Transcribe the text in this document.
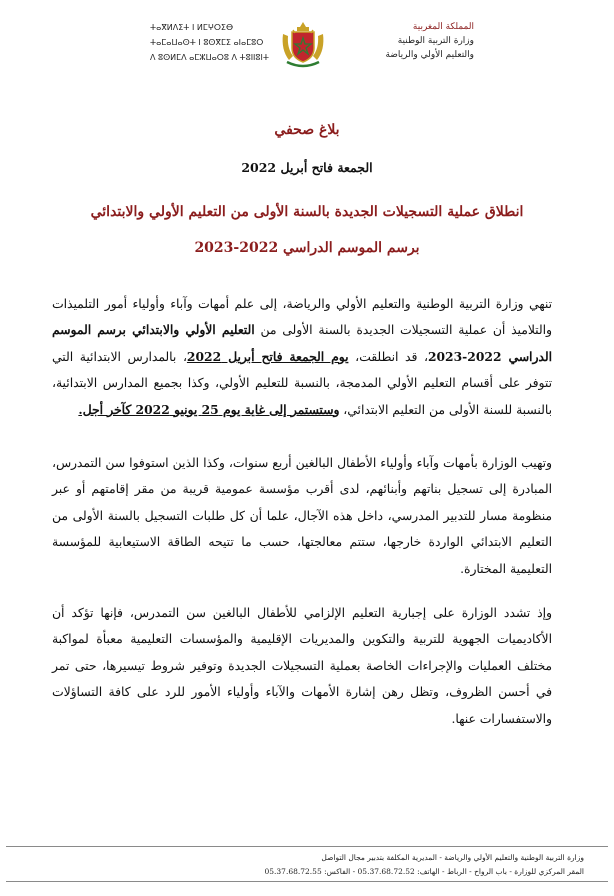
ⵜⴰⴳⵍⴷⵉⵜ ⵏ ⵍⵎⵖⵔⵉⴱ
ⵜⴰⵎⴰⵡⴰⵙⵜ ⵏ ⵓⵙⴳⵎⵉ ⴰⵏⴰⵎⵓⵔ
ⴷ ⵓⵙⵍⵎⴷ ⴰⵎⵣⵡⴰⵔⵓ ⴷ ⵜⵓⵏⵏⵓⵏⵜ
المملكة المغربية
وزارة التربية الوطنية
والتعليم الأولي والرياضة
بلاغ صحفي
الجمعة فاتح أبريل 2022
انطلاق عملية التسجيلات الجديدة بالسنة الأولى من التعليم الأولي والابتدائي
برسم الموسم الدراسي 2022-2023
تنهي وزارة التربية الوطنية والتعليم الأولي والرياضة، إلى علم أمهات وآباء وأولياء أمور التلميذات والتلاميذ أن عملية التسجيلات الجديدة بالسنة الأولى من التعليم الأولي والابتدائي برسم الموسم الدراسي 2022-2023، قد انطلقت، يوم الجمعة فاتح أبريل 2022، بالمدارس الابتدائية التي تتوفر على أقسام التعليم الأولي المدمجة، بالنسبة للتعليم الأولي، وكذا بجميع المدارس الابتدائية، بالنسبة للسنة الأولى من التعليم الابتدائي، وستستمر إلى غاية يوم 25 يونيو 2022 كآخر أجل.
وتهيب الوزارة بأمهات وآباء وأولياء الأطفال البالغين أربع سنوات، وكذا الذين استوفوا سن التمدرس، المبادرة إلى تسجيل بناتهم وأبنائهم، لدى أقرب مؤسسة عمومية قريبة من مقر إقامتهم أو عبر منظومة مسار للتدبير المدرسي، داخل هذه الآجال، علما أن كل طلبات التسجيل بالسنة الأولى من التعليم الابتدائي الواردة خارجها، ستتم معالجتها، حسب ما تتيحه الطاقة الاستيعابية للمؤسسة التعليمية المختارة.
وإذ تشدد الوزارة على إجبارية التعليم الإلزامي للأطفال البالغين سن التمدرس، فإنها تؤكد أن الأكاديميات الجهوية للتربية والتكوين والمديريات الإقليمية والمؤسسات التعليمية معبأة لمواكبة مختلف العمليات والإجراءات الخاصة بعملية التسجيلات الجديدة وتوفير شروط تيسيرها، حتى تمر في أحسن الظروف، وتظل رهن إشارة الأمهات والآباء وأولياء الأمور للرد على كافة التساؤلات والاستفسارات عنها.
وزارة التربية الوطنية والتعليم الأولي والرياضة - المديرية المكلفة بتدبير مجال التواصل
المقر المركزي للوزارة - باب الرواح - الرباط - الهاتف: 05.37.68.72.52 - الفاكس: 05.37.68.72.55
